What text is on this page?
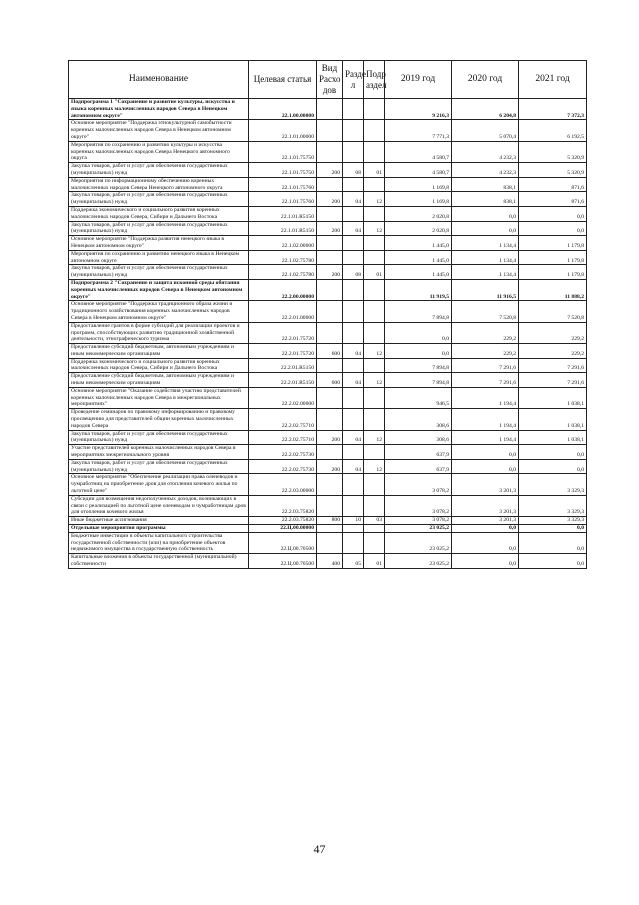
Наименование	Целевая статья	Вид Расхо дов	Разде л	Подр аздел	2019 год	2020 год	2021 год
Подпрограмма 1 "Сохранение и развитие культуры, искусства и языка коренных малочисленных народов Севера в Ненецком автономном округе"	22.1.00.00000				9 216,3	6 204,8	7 372,3
Основное мероприятие "Поддержка этнокультурной самобытности коренных малочисленных народов Севера в Ненецком автономном округе"	22.1.01.00000				7 771,3	5 070,4	6 192,5
Мероприятия по сохранению и развитию культуры и искусства коренных малочисленных народов Севера Ненецкого автономного округа	22.1.01.75750				4 580,7	4 232,3	5 320,9
Закупка товаров, работ и услуг для обеспечения государственных (муниципальных) нужд	22.1.01.75750	200	08	01	4 580,7	4 232,3	5 320,9
Мероприятия по информационному обеспечению коренных малочисленных народов Севера Ненецкого автономного округа	22.1.01.75760				1 169,8	838,1	871,6
Закупка товаров, работ и услуг для обеспечения государственных (муниципальных) нужд	22.1.01.75760	200	04	12	1 169,8	838,1	871,6
Поддержка экономического и социального развития коренных малочисленных народов Севера, Сибири и Дальнего Востока	22.1.01.R5150				2 020,8	0,0	0,0
Закупка товаров, работ и услуг для обеспечения государственных (муниципальных) нужд	22.1.01.R5150	200	04	12	2 020,8	0,0	0,0
Основное мероприятие "Поддержка развития ненецкого языка в Ненецком автономном округе"	22.1.02.00000				1 445,0	1 134,4	1 179,8
Мероприятия по сохранению и развитию ненецкого языка в Ненецком автономном округе	22.1.02.75780				1 445,0	1 134,4	1 179,8
Закупка товаров, работ и услуг для обеспечения государственных (муниципальных) нужд	22.1.02.75780	200	08	01	1 445,0	1 134,4	1 179,8
Подпрограмма 2 "Сохранение и защита исконной среды обитания коренных малочисленных народов Севера в Ненецком автономном округе"	22.2.00.00000				11 919,5	11 916,5	11 888,2
Основное мероприятие "Поддержка традиционного образа жизни и традиционного хозяйствования коренных малочисленных народов Севера в Ненецком автономном округе"	22.2.01.00000				7 894,8	7 520,8	7 520,8
Предоставление грантов в форме субсидий для реализации проектов и программ, способствующих развитию традиционной хозяйственной деятельности, этнографического туризма	22.2.01.75720				0,0	229,2	229,2
Предоставление субсидий бюджетным, автономным учреждениям и иным некоммерческим организациям	22.2.01.75720	600	04	12	0,0	229,2	229,2
Поддержка экономического и социального развития коренных малочисленных народов Севера, Сибири и Дальнего Востока	22.2.01.R5150				7 894,8	7 291,6	7 291,6
Предоставление субсидий бюджетным, автономным учреждениям и иным некоммерческим организациям	22.2.01.R5150	600	04	12	7 894,8	7 291,6	7 291,6
Основное мероприятие "Оказание содействия участию представителей коренных малочисленных народов Севера в межрегиональных мероприятиях"	22.2.02.00000				946,5	1 194,4	1 038,1
Проведение семинаров по правовому информированию и правовому просвещению для представителей общин коренных малочисленных народов Севера	22.2.02.75710				308,6	1 194,4	1 038,1
Закупка товаров, работ и услуг для обеспечения государственных (муниципальных) нужд	22.2.02.75710	200	04	12	308,6	1 194,4	1 038,1
Участие представителей коренных малочисленных народов Севера в мероприятиях межрегионального уровня	22.2.02.75730				637,9	0,0	0,0
Закупка товаров, работ и услуг для обеспечения государственных (муниципальных) нужд	22.2.02.75730	200	04	12	637,9	0,0	0,0
Основное мероприятие "Обеспечение реализации права оленеводов и чумработниц на приобретение дров для отопления кочевого жилья по льготной цене"	22.2.03.00000				3 078,2	3 201,3	3 329,3
Субсидии для возмещения недополученных доходов, возникающих в связи с реализацией по льготной цене оленеводам и чумработницам дров для отопления кочевого жилья	22.2.03.75820				3 078,2	3 201,3	3 329,3
Иные бюджетные ассигнования	22.2.03.75820	800	10	03	3 078,2	3 201,3	3 329,3
Отдельные мероприятия программы	22.Ц.00.00000				23 025,2	0,0	0,0
Бюджетные инвестиции в объекты капитального строительства государственной собственности (или) на приобретение объектов недвижимого имущества в государственную собственность	22.Ц.00.70500				23 025,2	0,0	0,0
Капитальные вложения в объекты государственной (муниципальной) собственности	22.Ц.00.70500	400	05	01	23 025,2	0,0	0,0
47
